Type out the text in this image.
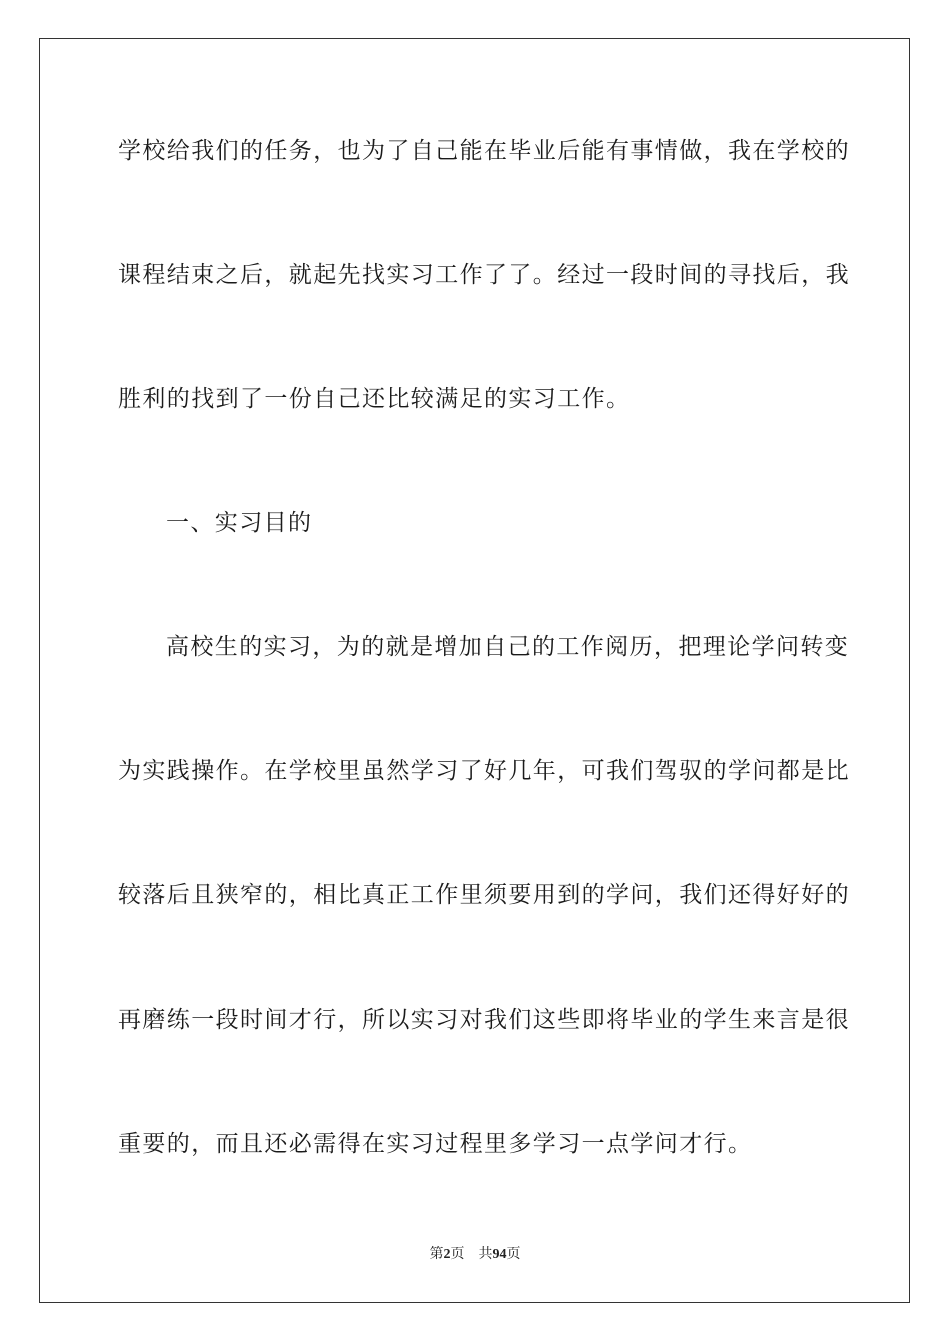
学校给我们的任务，也为了自己能在毕业后能有事情做，我在学校的
课程结束之后，就起先找实习工作了了。经过一段时间的寻找后，我
胜利的找到了一份自己还比较满足的实习工作。
一、实习目的
高校生的实习，为的就是增加自己的工作阅历，把理论学问转变
为实践操作。在学校里虽然学习了好几年，可我们驾驭的学问都是比
较落后且狭窄的，相比真正工作里须要用到的学问，我们还得好好的
再磨练一段时间才行，所以实习对我们这些即将毕业的学生来言是很
重要的，而且还必需得在实习过程里多学习一点学问才行。
第2页 共94页
